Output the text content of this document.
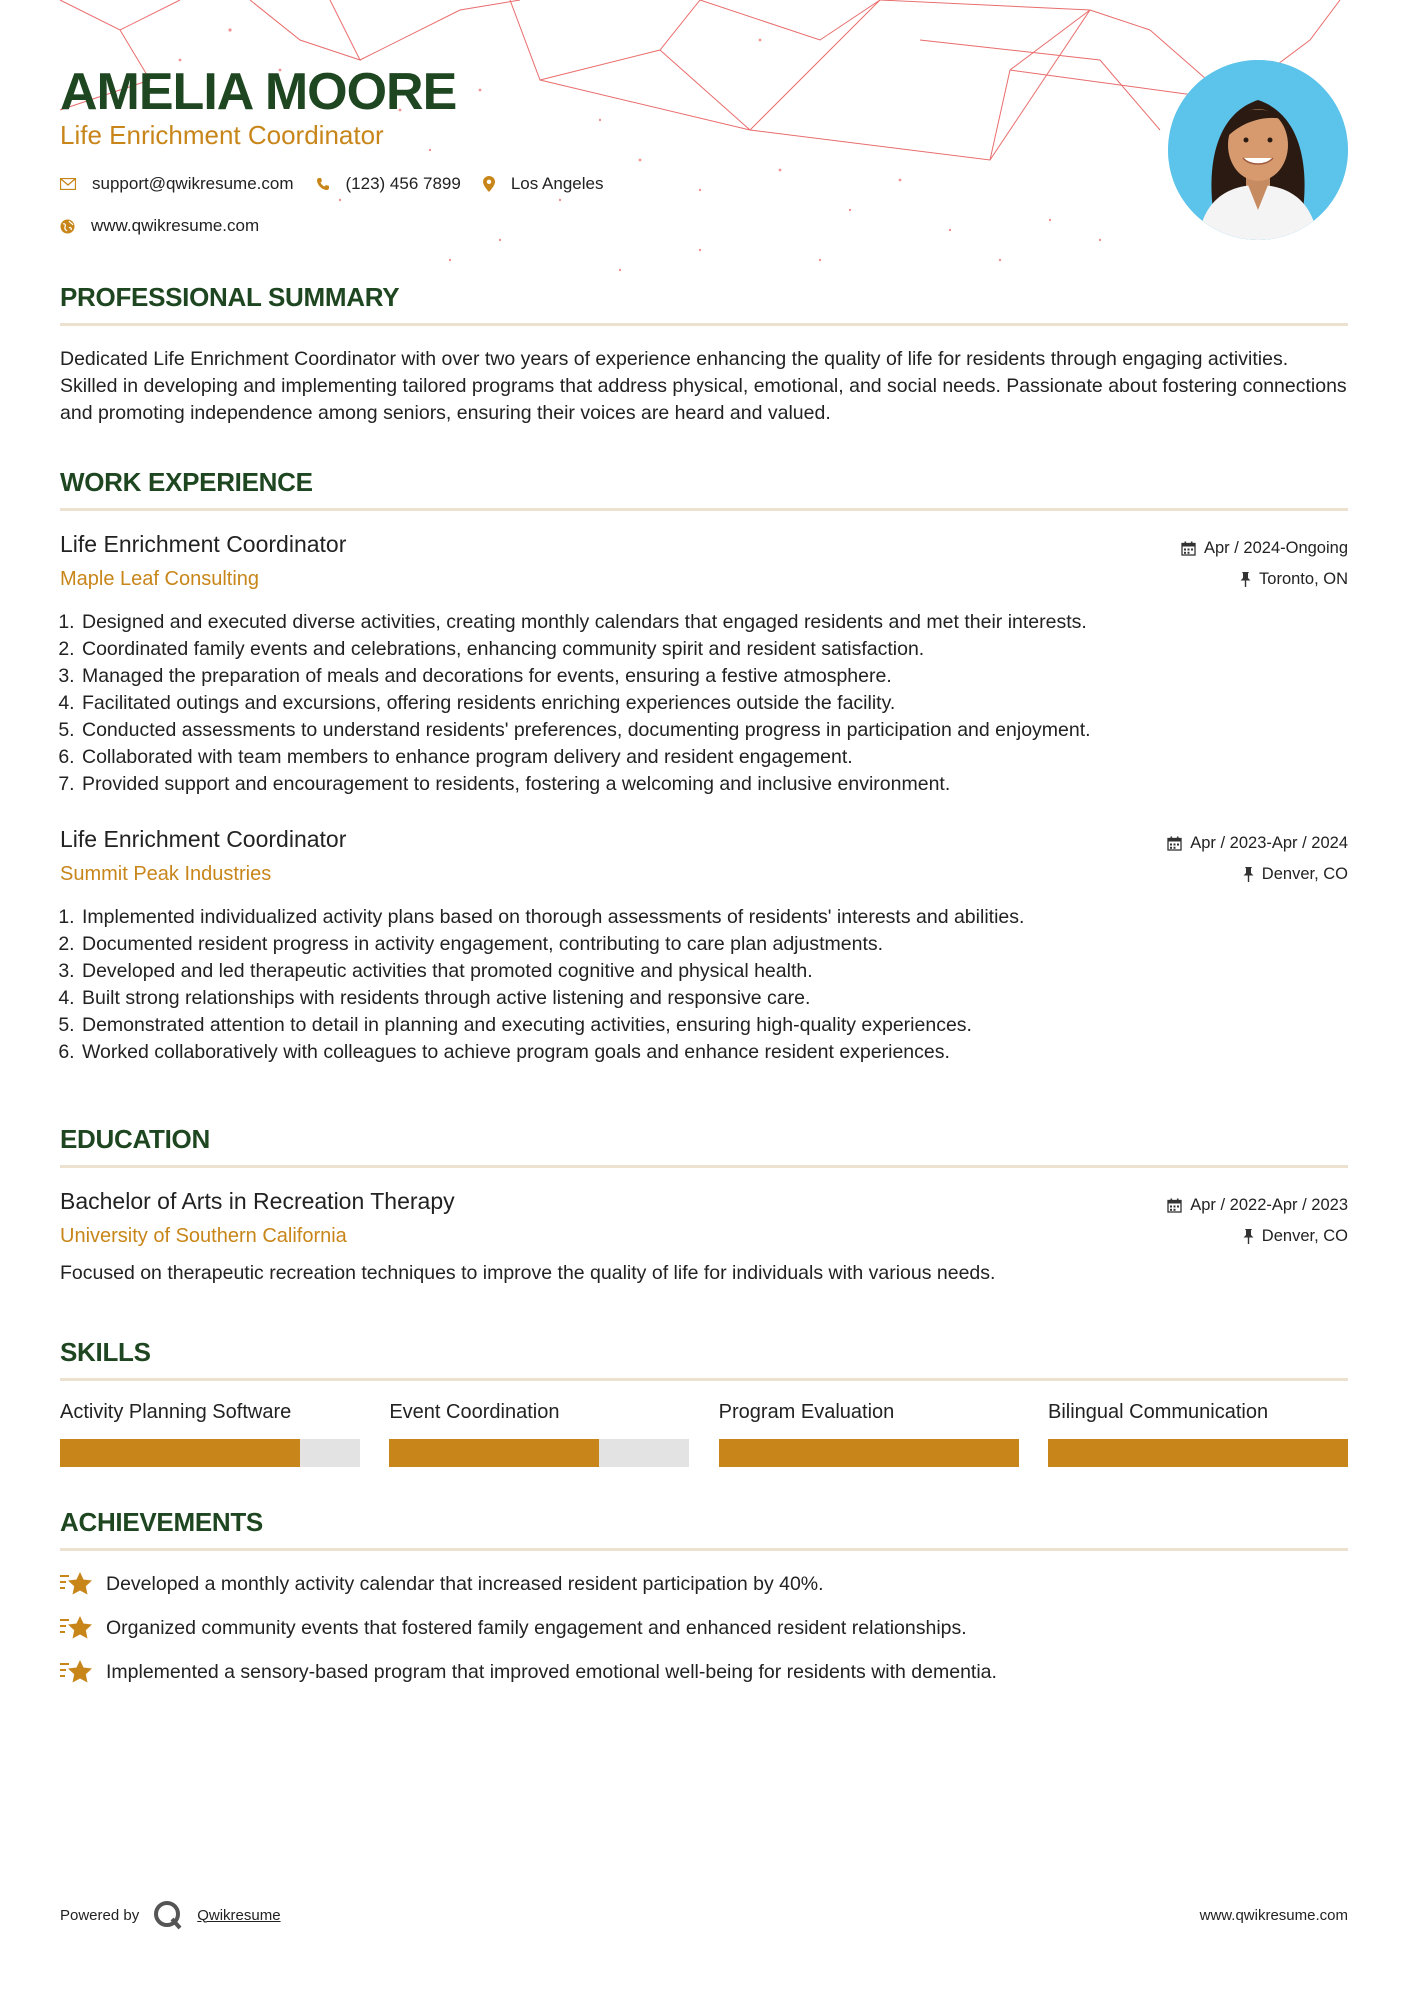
AMELIA MOORE
Life Enrichment Coordinator
support@qwikresume.com	(123) 456 7899	Los Angeles
www.qwikresume.com
PROFESSIONAL SUMMARY
Dedicated Life Enrichment Coordinator with over two years of experience enhancing the quality of life for residents through engaging activities. Skilled in developing and implementing tailored programs that address physical, emotional, and social needs. Passionate about fostering connections and promoting independence among seniors, ensuring their voices are heard and valued.
WORK EXPERIENCE
Life Enrichment Coordinator
Maple Leaf Consulting
Apr / 2024-Ongoing
Toronto, ON
1. Designed and executed diverse activities, creating monthly calendars that engaged residents and met their interests.
2. Coordinated family events and celebrations, enhancing community spirit and resident satisfaction.
3. Managed the preparation of meals and decorations for events, ensuring a festive atmosphere.
4. Facilitated outings and excursions, offering residents enriching experiences outside the facility.
5. Conducted assessments to understand residents' preferences, documenting progress in participation and enjoyment.
6. Collaborated with team members to enhance program delivery and resident engagement.
7. Provided support and encouragement to residents, fostering a welcoming and inclusive environment.
Life Enrichment Coordinator
Summit Peak Industries
Apr / 2023-Apr / 2024
Denver, CO
1. Implemented individualized activity plans based on thorough assessments of residents' interests and abilities.
2. Documented resident progress in activity engagement, contributing to care plan adjustments.
3. Developed and led therapeutic activities that promoted cognitive and physical health.
4. Built strong relationships with residents through active listening and responsive care.
5. Demonstrated attention to detail in planning and executing activities, ensuring high-quality experiences.
6. Worked collaboratively with colleagues to achieve program goals and enhance resident experiences.
EDUCATION
Bachelor of Arts in Recreation Therapy
University of Southern California
Apr / 2022-Apr / 2023
Denver, CO
Focused on therapeutic recreation techniques to improve the quality of life for individuals with various needs.
SKILLS
Activity Planning Software	Event Coordination	Program Evaluation	Bilingual Communication
ACHIEVEMENTS
Developed a monthly activity calendar that increased resident participation by 40%.
Organized community events that fostered family engagement and enhanced resident relationships.
Implemented a sensory-based program that improved emotional well-being for residents with dementia.
Powered by	Qwikresume	www.qwikresume.com
